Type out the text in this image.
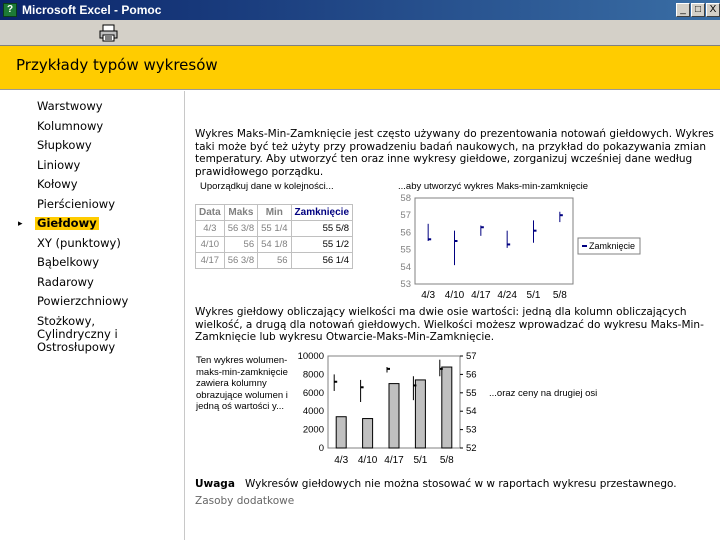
? Microsoft Excel - Pomoc	_ □ X
Przykłady typów wykresów
Warstwowy
Kolumnowy
Słupkowy
Liniowy
Kołowy
Pierścieniowy
▸ Giełdowy
XY (punktowy)
Bąbelkowy
Radarowy
Powierzchniowy
Stożkowy, Cylindryczny i Ostrosłupowy
Wykres Maks-Min-Zamknięcie jest często używany do prezentowania notowań giełdowych. Wykres taki może być też użyty przy prowadzeniu badań naukowych, na przykład do pokazywania zmian temperatury. Aby utworzyć ten oraz inne wykresy giełdowe, zorganizuj wcześniej dane według prawidłowego porządku.
Uporządkuj dane w kolejności...	...aby utworzyć wykres Maks-min-zamknięcie
Data	Maks	Min	Zamknięcie
4/3	56 3/8	55 1/4	55 5/8
4/10	56	54 1/8	55 1/2
4/17	56 3/8	56	56 1/4
53
54
55
56
57
58
4/3 4/10 4/17 4/24 5/1 5/8
Zamknięcie
Wykres giełdowy obliczający wielkości ma dwie osie wartości: jedną dla kolumn obliczających wielkość, a drugą dla notowań giełdowych. Wielkości możesz wprowadzać do wykresu Maks-Min-Zamknięcie lub wykresu Otwarcie-Maks-Min-Zamknięcie.
Ten wykres wolumen-maks-min-zamknięcie zawiera kolumny obrazujące wolumen i jedną oś wartości y...
...oraz ceny na drugiej osi
0
2000
4000
6000
8000
10000
52
53
54
55
56
57
4/3 4/10 4/17 5/1 5/8
Uwaga Wykresów giełdowych nie można stosować w w raportach wykresu przestawnego.
Zasoby dodatkowe
